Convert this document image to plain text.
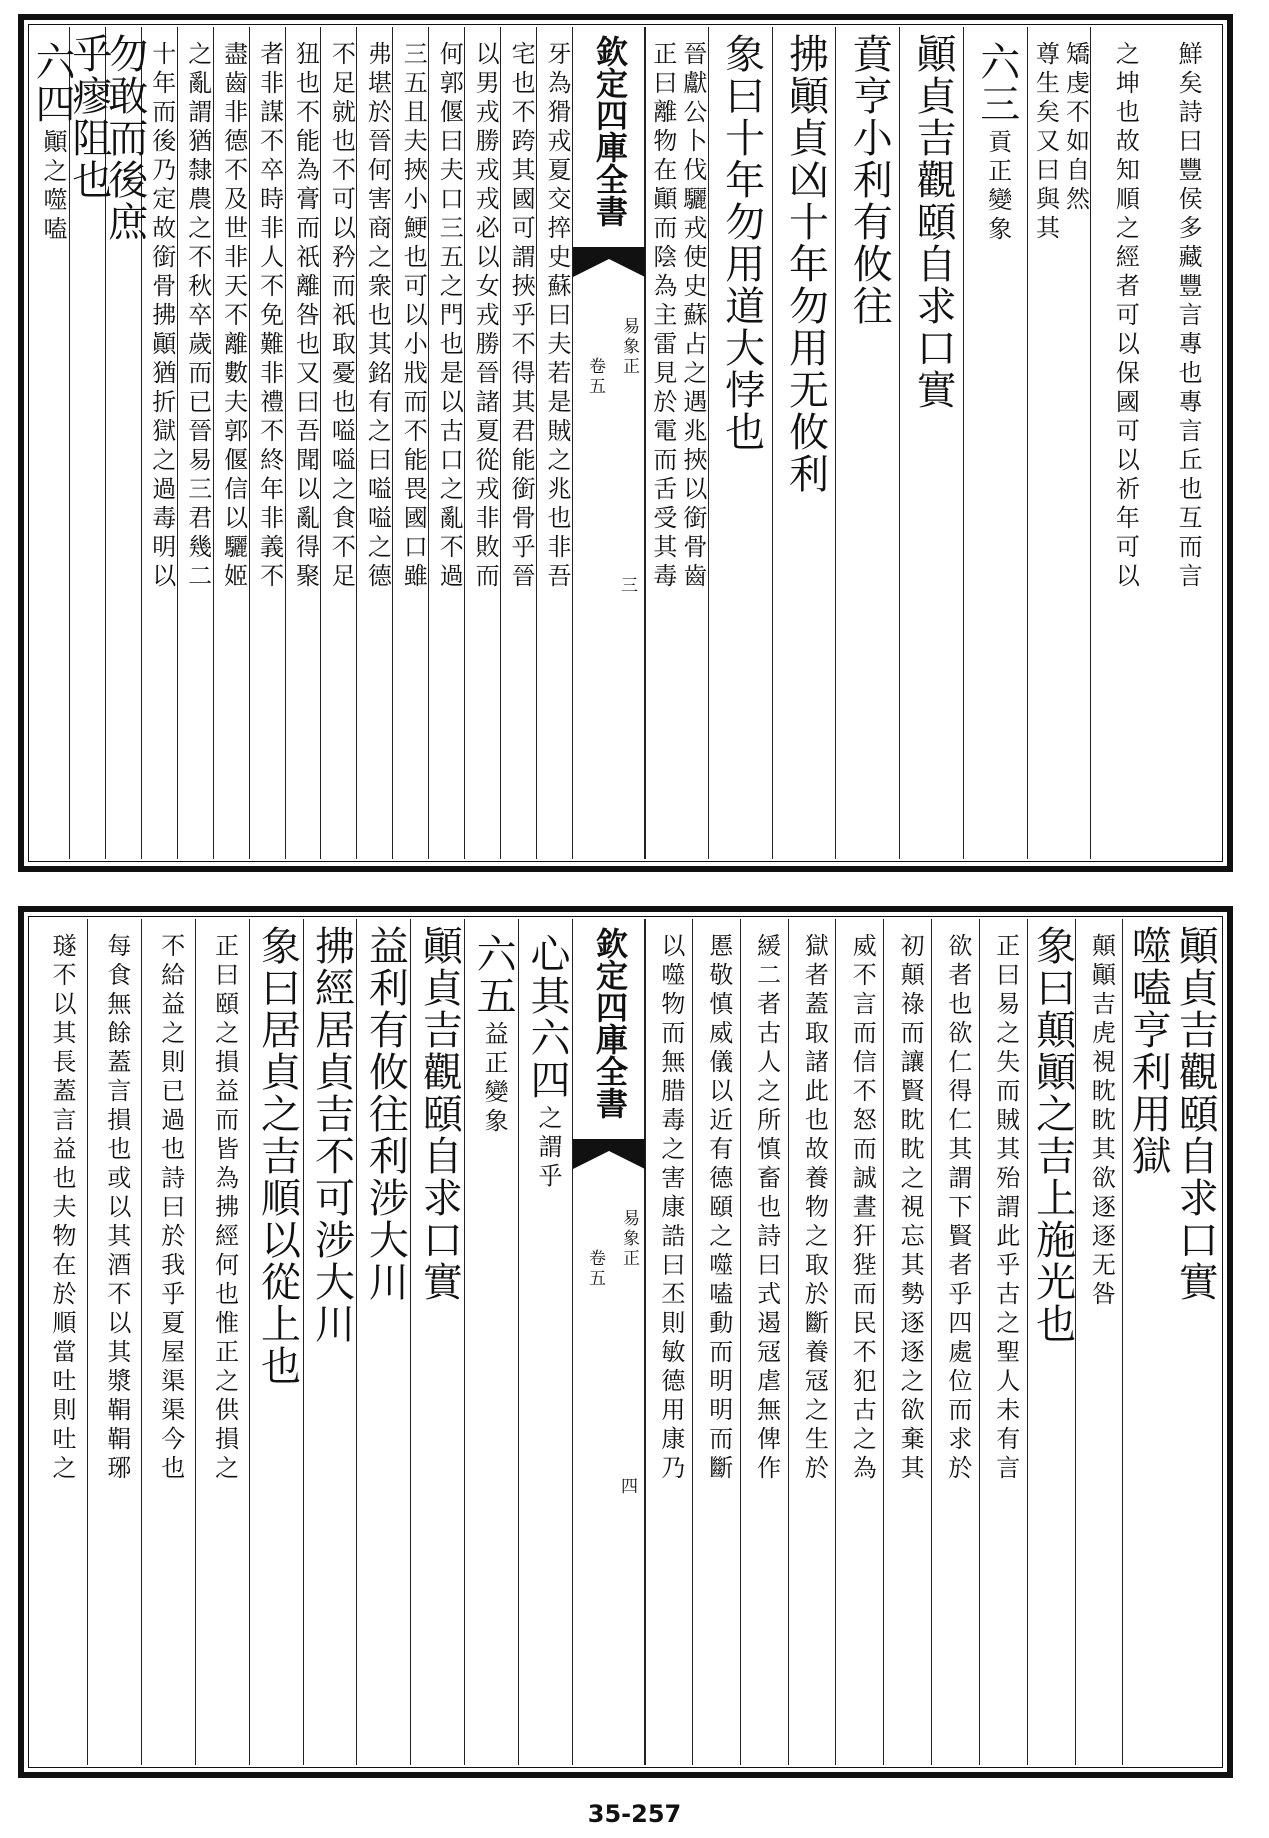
鮮矣詩曰豐侯多藏豐言專也專言丘也互而言
之坤也故知順之經者可以保國可以祈年可以
尊生矣又曰與其 矯虔不如自然
六三
貢正變象
顚貞吉觀頤自求口實
賁亨小利有攸往
拂顚貞凶十年勿用无攸利
象曰十年勿用道大悖也
正曰離物在顚而陰為主雷見於電而舌受其毒 晉獻公卜伐驪戎使史蘇占之遇兆挾以銜骨齒
牙為猾戎夏交捽史蘇曰夫若是賊之兆也非吾
宅也不跨其國可謂挾乎不得其君能銜骨乎晉
以男戎勝戎戎必以女戎勝晉諸夏從戎非敗而
何郭偃曰夫口三五之門也是以古口之亂不過
三五且夫挾小鯁也可以小戕而不能畏國口雖
弗堪於晉何害商之衆也其銘有之曰嗌嗌之德
不足就也不可以矜而祇取憂也嗌嗌之食不足
狃也不能為膏而祇離咎也又曰吾聞以亂得聚
者非謀不卒時非人不免難非禮不終年非義不
盡齒非德不及世非天不離數夫郭偃信以驪姬
之亂謂猶隸農之不秋卒歲而已晉易三君幾二
十年而後乃定故銜骨拂顚猶折獄之過毒明以
勿敢而後庶
乎瘳阻也
六四
顚之噬嗑	欽定四庫全書
易象正
卷五
三
顚貞吉觀頤自求口實
噬嗑亨利用獄
顛顚吉虎視眈眈其欲逐逐无咎
象曰顛顚之吉上施光也
正曰易之失而賊其殆謂此乎古之聖人未有言
欲者也欲仁得仁其謂下賢者乎四處位而求於
初顛祿而讓賢眈眈之視忘其勢逐逐之欲棄其
威不言而信不怒而誠晝犴狴而民不犯古之為
獄者蓋取諸此也故養物之取於斷養冦之生於
緩二者古人之所慎畜也詩曰式遏冦虐無俾作
慝敬慎威儀以近有德頤之噬嗑動而明明而斷
以噬物而無腊毒之害康誥曰丕則敏德用康乃
心其六四
之謂乎
六五
益正變象
顚貞吉觀頤自求口實
益利有攸往利涉大川
拂經居貞吉不可涉大川
象曰居貞之吉順以從上也
正曰頤之損益而皆為拂經何也惟正之供損之
不給益之則已過也詩曰於我乎夏屋渠渠今也
每食無餘蓋言損也或以其酒不以其漿鞙鞙琊
璲不以其長蓋言益也夫物在於順當吐則吐之	欽定四庫全書
易象正
卷五
四
35-257
